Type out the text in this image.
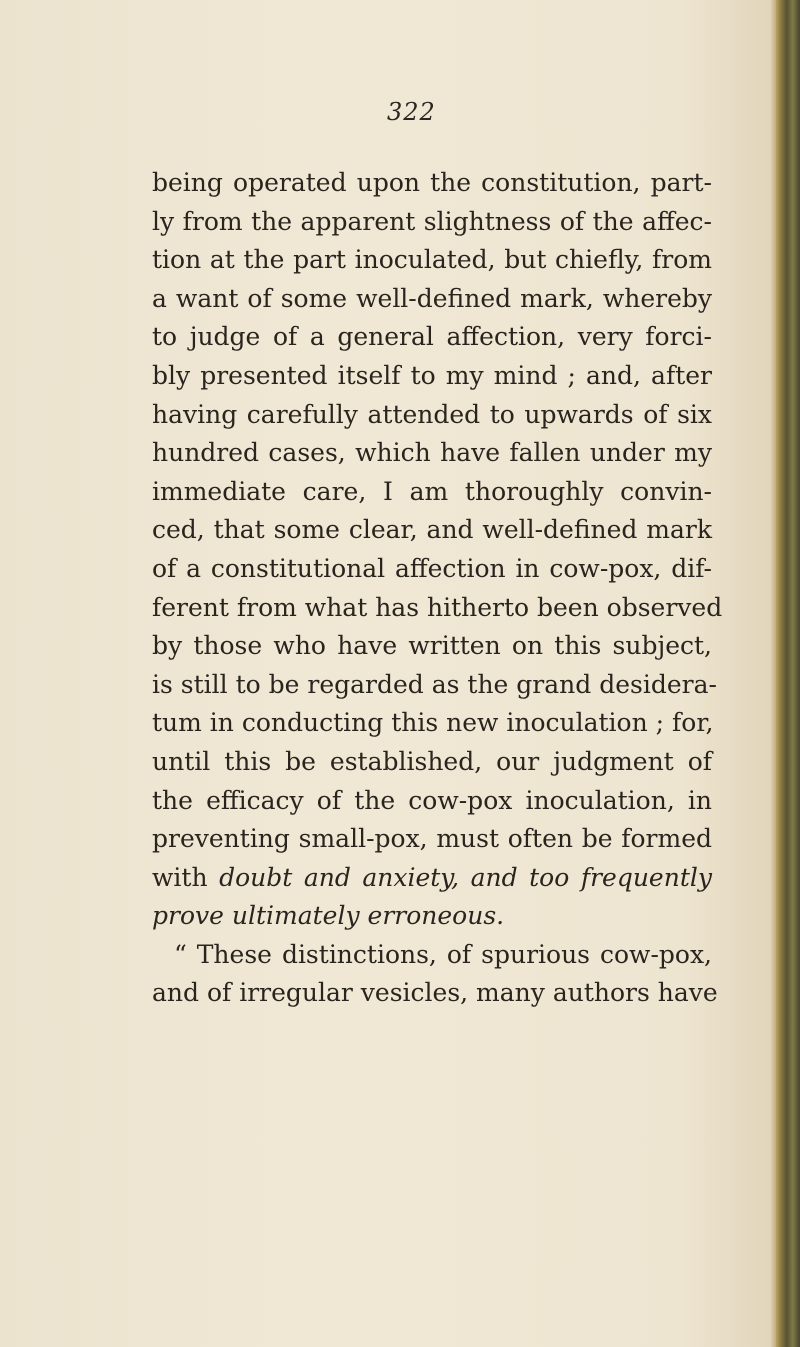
322
being operated upon the constitution, part-
ly from the apparent slightness of the affec-
tion at the part inoculated, but chiefly, from
a want of some well-defined mark, whereby
to judge of a general affection, very forci-
bly presented itself to my mind ; and, after
having carefully attended to upwards of six
hundred cases, which have fallen under my
immediate care, I am thoroughly convin-
ced, that some clear, and well-defined mark
of a constitutional affection in cow-pox, dif-
ferent from what has hitherto been observed
by those who have written on this subject,
is still to be regarded as the grand desidera-
tum in conducting this new inoculation ; for,
until this be established, our judgment of
the efficacy of the cow-pox inoculation, in
preventing small-pox, must often be formed
with doubt and anxiety, and too frequently
prove ultimately erroneous.
“ These distinctions, of spurious cow-pox,
and of irregular vesicles, many authors have
